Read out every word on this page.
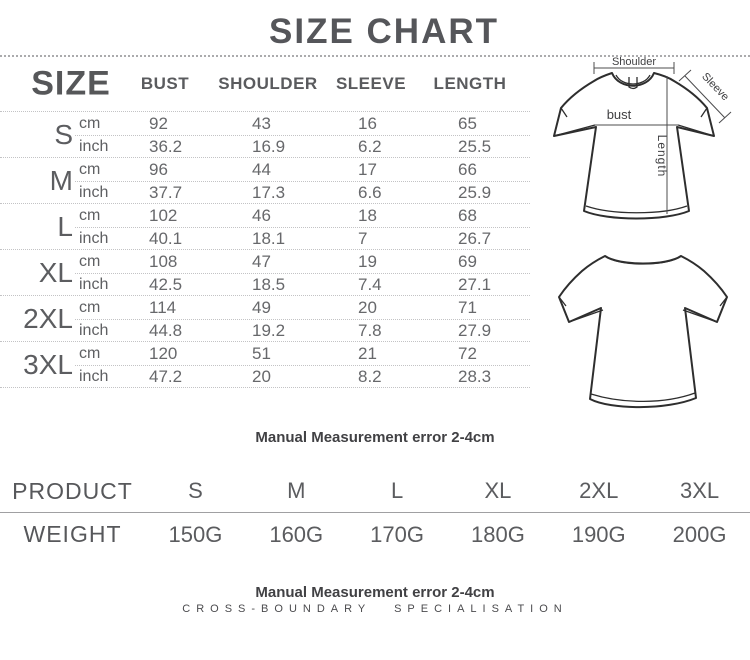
SIZE CHART
SIZE BUST SHOULDER SLEEVE LENGTH
S cm	92	43	16	65
inch	36.2	16.9	6.2	25.5
M cm	96	44	17	66
inch	37.7	17.3	6.6	25.9
L cm	102	46	18	68
inch	40.1	18.1	7	26.7
XL cm	108	47	19	69
inch	42.5	18.5	7.4	27.1
2XL cm	114	49	20	71
inch	44.8	19.2	7.8	27.9
3XL cm	120	51	21	72
inch	47.2	20	8.2	28.3
Shoulder
Sleeve
bust
Length
Manual Measurement error 2-4cm
PRODUCT	S	M	L	XL	2XL	3XL
WEIGHT	150G	160G	170G	180G	190G	200G
Manual Measurement error 2-4cm
CROSS-BOUNDARY SPECIALISATION
